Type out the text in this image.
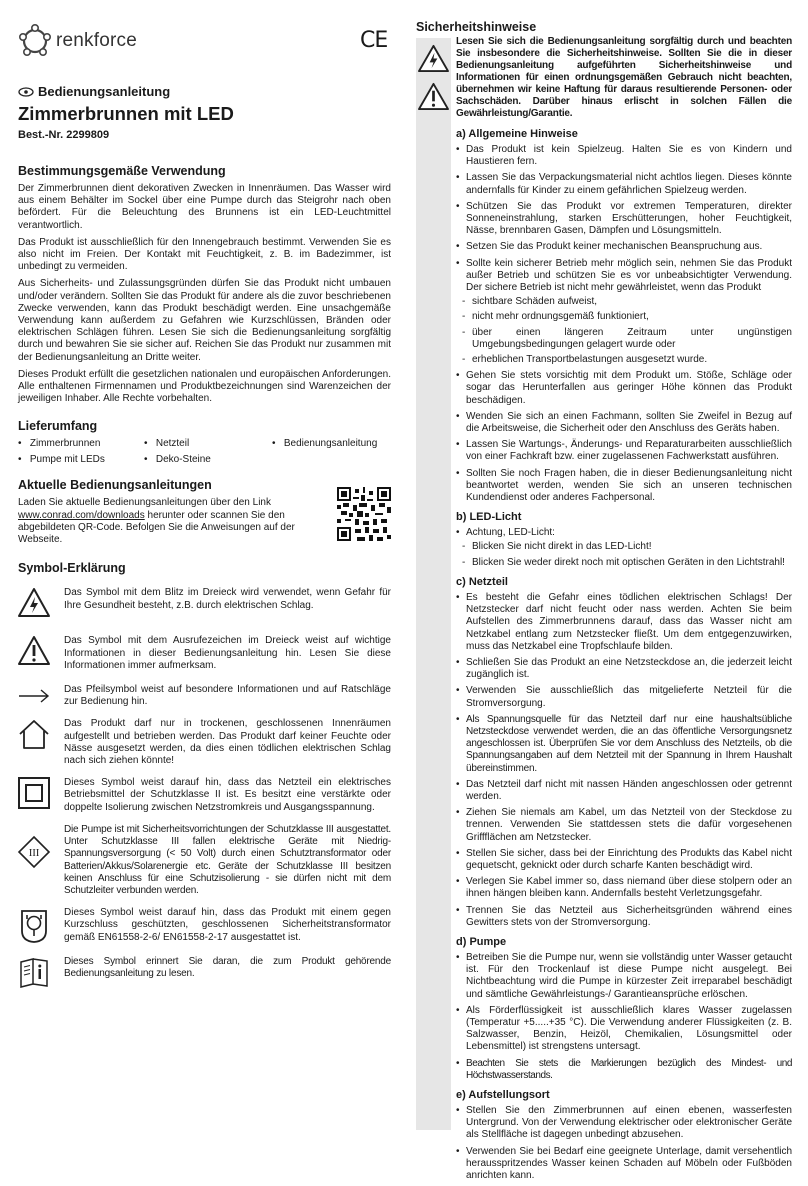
renkforce	CE
Bedienungsanleitung
Zimmerbrunnen mit LED
Best.-Nr. 2299809
Bestimmungsgemäße Verwendung

Der Zimmerbrunnen dient dekorativen Zwecken in Innenräumen. Das Wasser wird aus einem Behälter im Sockel über eine Pumpe durch das Steigrohr nach oben befördert. Für die Beleuchtung des Brunnens ist ein LED-Leuchtmittel verantwortlich.

Das Produkt ist ausschließlich für den Innengebrauch bestimmt. Verwenden Sie es also nicht im Freien. Der Kontakt mit Feuchtigkeit, z. B. im Badezimmer, ist unbedingt zu vermeiden.

Aus Sicherheits- und Zulassungsgründen dürfen Sie das Produkt nicht umbauen und/oder verändern. Sollten Sie das Produkt für andere als die zuvor beschriebenen Zwecke verwenden, kann das Produkt beschädigt werden. Eine unsachgemäße Verwendung kann außerdem zu Gefahren wie Kurzschlüssen, Bränden oder elektrischen Schlägen führen. Lesen Sie sich die Bedienungsanleitung sorgfältig durch und bewahren Sie sie sicher auf. Reichen Sie das Produkt nur zusammen mit der Bedienungsanleitung an Dritte weiter.

Dieses Produkt erfüllt die gesetzlichen nationalen und europäischen Anforderungen. Alle enthaltenen Firmennamen und Produktbezeichnungen sind Warenzeichen der jeweiligen Inhaber. Alle Rechte vorbehalten.

Lieferumfang
•   Zimmerbrunnen	•   Netzteil	•   Bedienungsanleitung
•   Pumpe mit LEDs	•   Deko-Steine
Aktuelle Bedienungsanleitungen

Laden Sie aktuelle Bedienungsanleitungen über den Link
www.conrad.com/downloads herunter oder scannen Sie den abgebildeten QR-Code. Befolgen Sie die Anweisungen auf der Webseite.

Symbol-Erklärung
Das Symbol mit dem Blitz im Dreieck wird verwendet, wenn Gefahr für Ihre Gesundheit besteht, z.B. durch elektrischen Schlag.
Das Symbol mit dem Ausrufezeichen im Dreieck weist auf wichtige Informationen in dieser Bedienungsanleitung hin. Lesen Sie diese Informationen immer aufmerksam.
Das Pfeilsymbol weist auf besondere Informationen und auf Ratschläge zur Bedienung hin.
Das Produkt darf nur in trockenen, geschlossenen Innenräumen aufgestellt und betrieben werden. Das Produkt darf keiner Feuchte oder Nässe ausgesetzt werden, da dies einen tödlichen elektrischen Schlag nach sich ziehen könnte!
Dieses Symbol weist darauf hin, dass das Netzteil ein elektrisches Betriebsmittel der Schutzklasse II ist. Es besitzt eine verstärkte oder doppelte Isolierung zwischen Netzstromkreis und Ausgangsspannung.
III
Die Pumpe ist mit Sicherheitsvorrichtungen der Schutzklasse III ausgestattet. Unter Schutzklasse III fallen elektrische Geräte mit Niedrig-Spannungsversorgung (< 50 Volt) durch einen Schutztransformator oder Batterien/Akkus/Solarenergie etc. Geräte der Schutzklasse III besitzen keinen Anschluss für eine Schutzisolierung - sie dürfen nicht mit dem Schutzleiter verbunden werden.
Dieses Symbol weist darauf hin, dass das Produkt mit einem gegen Kurzschluss geschützten, geschlossenen Sicherheitstransformator gemäß EN61558-2-6/ EN61558-2-17 ausgestattet ist.
Dieses Symbol erinnert Sie daran, die zum Produkt gehörende Bedienungsanleitung zu lesen.
Sicherheitshinweise

Lesen Sie sich die Bedienungsanleitung sorgfältig durch und beachten Sie insbesondere die Sicherheitshinweise. Sollten Sie die in dieser Bedienungsanleitung aufgeführten Sicherheitshinweise und Informationen für einen ordnungsgemäßen Gebrauch nicht beachten, übernehmen wir keine Haftung für daraus resultierende Personen- oder Sachschäden. Darüber hinaus erlischt in solchen Fällen die Gewährleistung/Garantie.

a) Allgemeine Hinweise
• Das Produkt ist kein Spielzeug. Halten Sie es von Kindern und Haustieren fern.
• Lassen Sie das Verpackungsmaterial nicht achtlos liegen. Dieses könnte andernfalls für Kinder zu einem gefährlichen Spielzeug werden.
• Schützen Sie das Produkt vor extremen Temperaturen, direkter Sonneneinstrahlung, starken Erschütterungen, hoher Feuchtigkeit, Nässe, brennbaren Gasen, Dämpfen und Lösungsmitteln.
• Setzen Sie das Produkt keiner mechanischen Beanspruchung aus.
• Sollte kein sicherer Betrieb mehr möglich sein, nehmen Sie das Produkt außer Betrieb und schützen Sie es vor unbeabsichtigter Verwendung. Der sichere Betrieb ist nicht mehr gewährleistet, wenn das Produkt
- sichtbare Schäden aufweist,
- nicht mehr ordnungsgemäß funktioniert,
- über einen längeren Zeitraum unter ungünstigen Umgebungsbedingungen gelagert wurde oder
- erheblichen Transportbelastungen ausgesetzt wurde.
• Gehen Sie stets vorsichtig mit dem Produkt um. Stöße, Schläge oder sogar das Herunterfallen aus geringer Höhe können das Produkt beschädigen.
• Wenden Sie sich an einen Fachmann, sollten Sie Zweifel in Bezug auf die Arbeitsweise, die Sicherheit oder den Anschluss des Geräts haben.
• Lassen Sie Wartungs-, Änderungs- und Reparaturarbeiten ausschließlich von einer Fachkraft bzw. einer zugelassenen Fachwerkstatt ausführen.
• Sollten Sie noch Fragen haben, die in dieser Bedienungsanleitung nicht beantwortet werden, wenden Sie sich an unseren technischen Kundendienst oder anderes Fachpersonal.
b) LED-Licht
• Achtung, LED-Licht:
- Blicken Sie nicht direkt in das LED-Licht!
- Blicken Sie weder direkt noch mit optischen Geräten in den Lichtstrahl!
c) Netzteil
• Es besteht die Gefahr eines tödlichen elektrischen Schlags! Der Netzstecker darf nicht feucht oder nass werden. Achten Sie beim Aufstellen des Zimmerbrunnens darauf, dass das Wasser nicht am Netzkabel entlang zum Netzstecker fließt. Um dem entgegenzuwirken, muss das Netzkabel eine Tropfschlaufe bilden.
• Schließen Sie das Produkt an eine Netzsteckdose an, die jederzeit leicht zugänglich ist.
• Verwenden Sie ausschließlich das mitgelieferte Netzteil für die Stromversorgung.
• Als Spannungsquelle für das Netzteil darf nur eine haushaltsübliche Netzsteckdose verwendet werden, die an das öffentliche Versorgungsnetz angeschlossen ist. Überprüfen Sie vor dem Anschluss des Netzteils, ob die Spannungsangaben auf dem Netzteil mit der Spannung in Ihrem Haushalt übereinstimmen.
• Das Netzteil darf nicht mit nassen Händen angeschlossen oder getrennt werden.
• Ziehen Sie niemals am Kabel, um das Netzteil von der Steckdose zu trennen. Verwenden Sie stattdessen stets die dafür vorgesehenen Griffflächen am Netzstecker.
• Stellen Sie sicher, dass bei der Einrichtung des Produkts das Kabel nicht gequetscht, geknickt oder durch scharfe Kanten beschädigt wird.
• Verlegen Sie Kabel immer so, dass niemand über diese stolpern oder an ihnen hängen bleiben kann. Andernfalls besteht Verletzungsgefahr.
• Trennen Sie das Netzteil aus Sicherheitsgründen während eines Gewitters stets von der Stromversorgung.
d) Pumpe
• Betreiben Sie die Pumpe nur, wenn sie vollständig unter Wasser getaucht ist. Für den Trockenlauf ist diese Pumpe nicht ausgelegt. Bei Nichtbeachtung wird die Pumpe in kürzester Zeit irreparabel beschädigt und sämtliche Gewährleistungs-/ Garantieansprüche erlöschen.
• Als Förderflüssigkeit ist ausschließlich klares Wasser zugelassen (Temperatur +5.....+35 °C). Die Verwendung anderer Flüssigkeiten (z. B. Salzwasser, Benzin, Heizöl, Chemikalien, Lösungsmittel oder Lebensmittel) ist strengstens untersagt.
• Beachten Sie stets die Markierungen bezüglich des Mindest- und Höchstwasserstands.
e) Aufstellungsort
• Stellen Sie den Zimmerbrunnen auf einen ebenen, wasserfesten Untergrund. Von der Verwendung elektrischer oder elektronischer Geräte als Stellfläche ist dagegen unbedingt abzusehen.
• Verwenden Sie bei Bedarf eine geeignete Unterlage, damit versehentlich herausspritzendes Wasser keinen Schaden auf Möbeln oder Fußböden anrichten kann.
